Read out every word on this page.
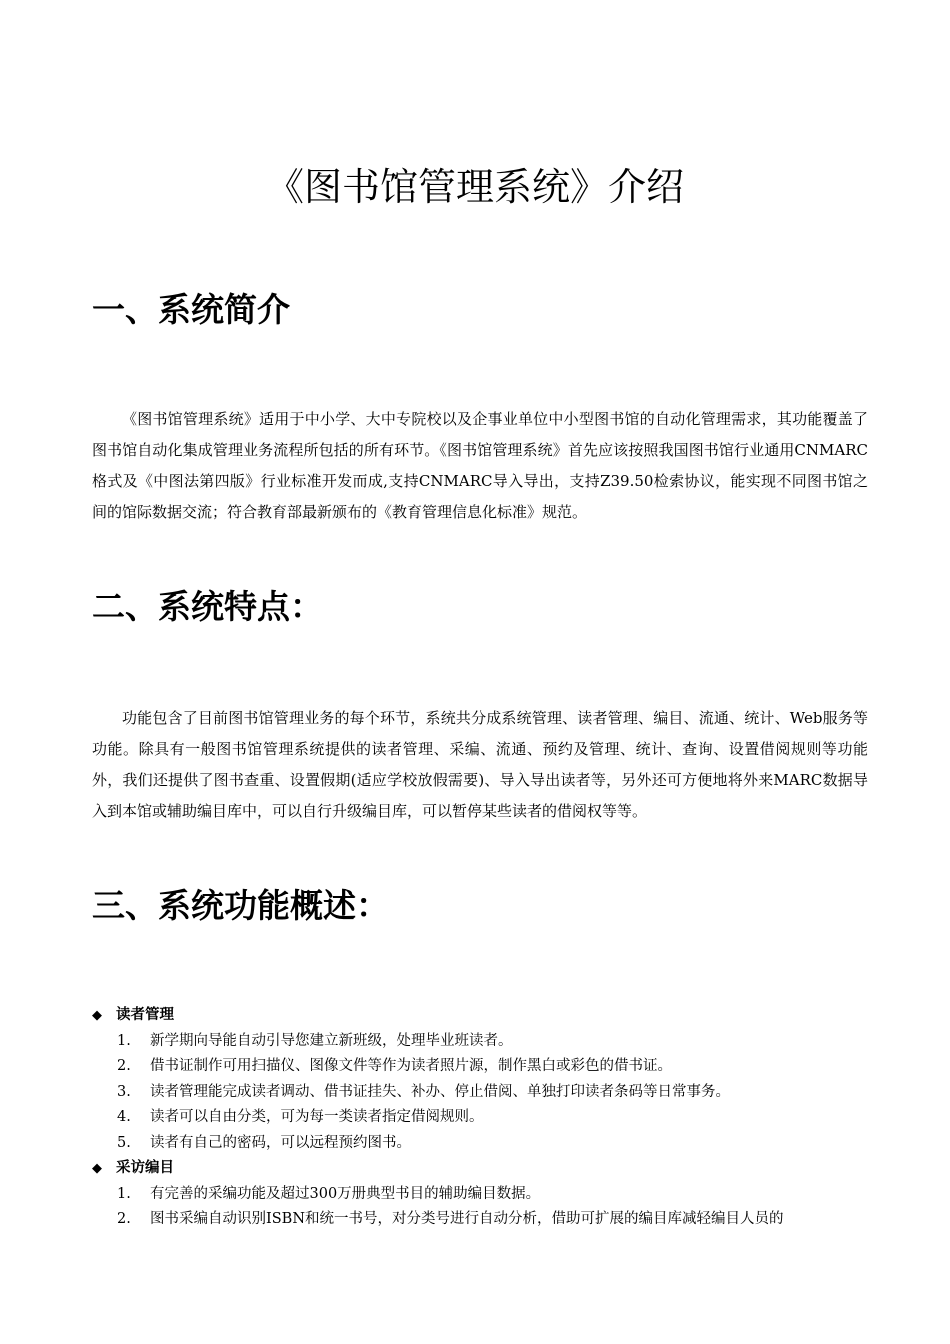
《图书馆管理系统》介绍
一、系统简介

《图书馆管理系统》适用于中小学、大中专院校以及企事业单位中小型图书馆的自动化管理需求，其功能覆盖了图书馆自动化集成管理业务流程所包括的所有环节。《图书馆管理系统》首先应该按照我国图书馆行业通用CNMARC格式及《中图法第四版》行业标准开发而成,支持CNMARC导入导出，支持Z39.50检索协议，能实现不同图书馆之间的馆际数据交流；符合教育部最新颁布的《教育管理信息化标准》规范。

二、系统特点：

功能包含了目前图书馆管理业务的每个环节，系统共分成系统管理、读者管理、编目、流通、统计、Web服务等功能。除具有一般图书馆管理系统提供的读者管理、采编、流通、预约及管理、统计、查询、设置借阅规则等功能外，我们还提供了图书查重、设置假期(适应学校放假需要)、导入导出读者等，另外还可方便地将外来MARC数据导入到本馆或辅助编目库中，可以自行升级编目库，可以暂停某些读者的借阅权等等。

三、系统功能概述：
◆ 读者管理
1.	新学期向导能自动引导您建立新班级，处理毕业班读者。
2.	借书证制作可用扫描仪、图像文件等作为读者照片源，制作黑白或彩色的借书证。
3.	读者管理能完成读者调动、借书证挂失、补办、停止借阅、单独打印读者条码等日常事务。
4.	读者可以自由分类，可为每一类读者指定借阅规则。
5.	读者有自己的密码，可以远程预约图书。
◆ 采访编目
1.	有完善的采编功能及超过300万册典型书目的辅助编目数据。
2.	图书采编自动识别ISBN和统一书号，对分类号进行自动分析，借助可扩展的编目库减轻编目人员的
